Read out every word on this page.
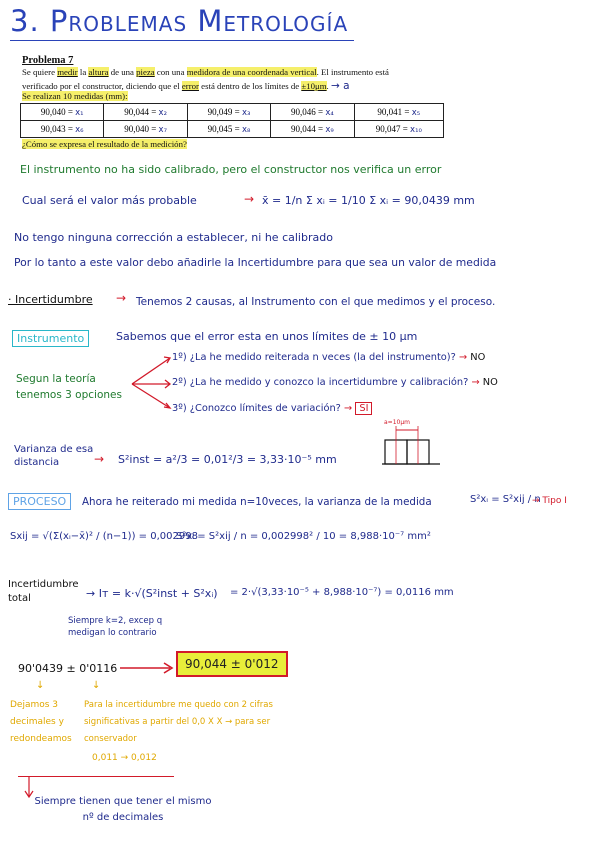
3. Problemas Metrología
Problema 7
Se quiere medir la altura de una pieza con una medidora de una coordenada vertical. El instrumento está
verificado por el constructor, diciendo que el error está dentro de los límites de ±10μm. → a
Se realizan 10 medidas (mm):
90,040 = x₁	90,044 = x₂	90,049 = x₃	90,046 = x₄	90,041 = x₅
90,043 = x₆	90,040 = x₇	90,045 = x₈	90,044 = x₉	90,047 = x₁₀
¿Cómo se expresa el resultado de la medición?
El instrumento no ha sido calibrado, pero el constructor nos verifica un error
Cual será el valor más probable	→ x̄ = 1/n Σ xᵢ = 1/10 Σ xᵢ = 90,0439 mm
No tengo ninguna corrección a establecer, ni he calibrado
Por lo tanto a este valor debo añadirle la Incertidumbre para que sea un valor de medida
· Incertidumbre → Tenemos 2 causas, al Instrumento con el que medimos y el proceso.
Instrumento	Sabemos que el error esta en unos límites de ± 10 μm
Segun la teoría tenemos 3 opciones
1º) ¿La he medido reiterada n veces (la del instrumento)? → NO
2º) ¿La he medido y conozco la incertidumbre y calibración? → NO
3º) ¿Conozco límites de variación? → SI
Varianza de esa distancia	→ S²inst = a²/3 = 0,01²/3 = 3,33·10⁻⁵ mm
a=10μm
PROCESO	Ahora he reiterado mi medida n=10veces, la varianza de la medida	S²xᵢ = S²xij / n
→ Tipo I
Sxij = √(Σ(xᵢ−x̄)² / (n−1)) = 0,002998
S²xᵢ = S²xij / n = 0,002998² / 10 = 8,988·10⁻⁷ mm²
Incertidumbre total	→ Iт = k·√(S²inst + S²xᵢ) = 2·√(3,33·10⁻⁵ + 8,988·10⁻⁷) = 0,0116 mm
Siempre k=2, excep q medigan lo contrario
90'0439 ± 0'0116	90,044 ± 0'012
↓	↓
Dejamos 3 decimales y redondeamos
Para la incertidumbre me quedo con 2 cifras significativas a partir del 0,0 X X → para ser conservador
0,011 → 0,012
Siempre tienen que tener el mismo nº de decimales
